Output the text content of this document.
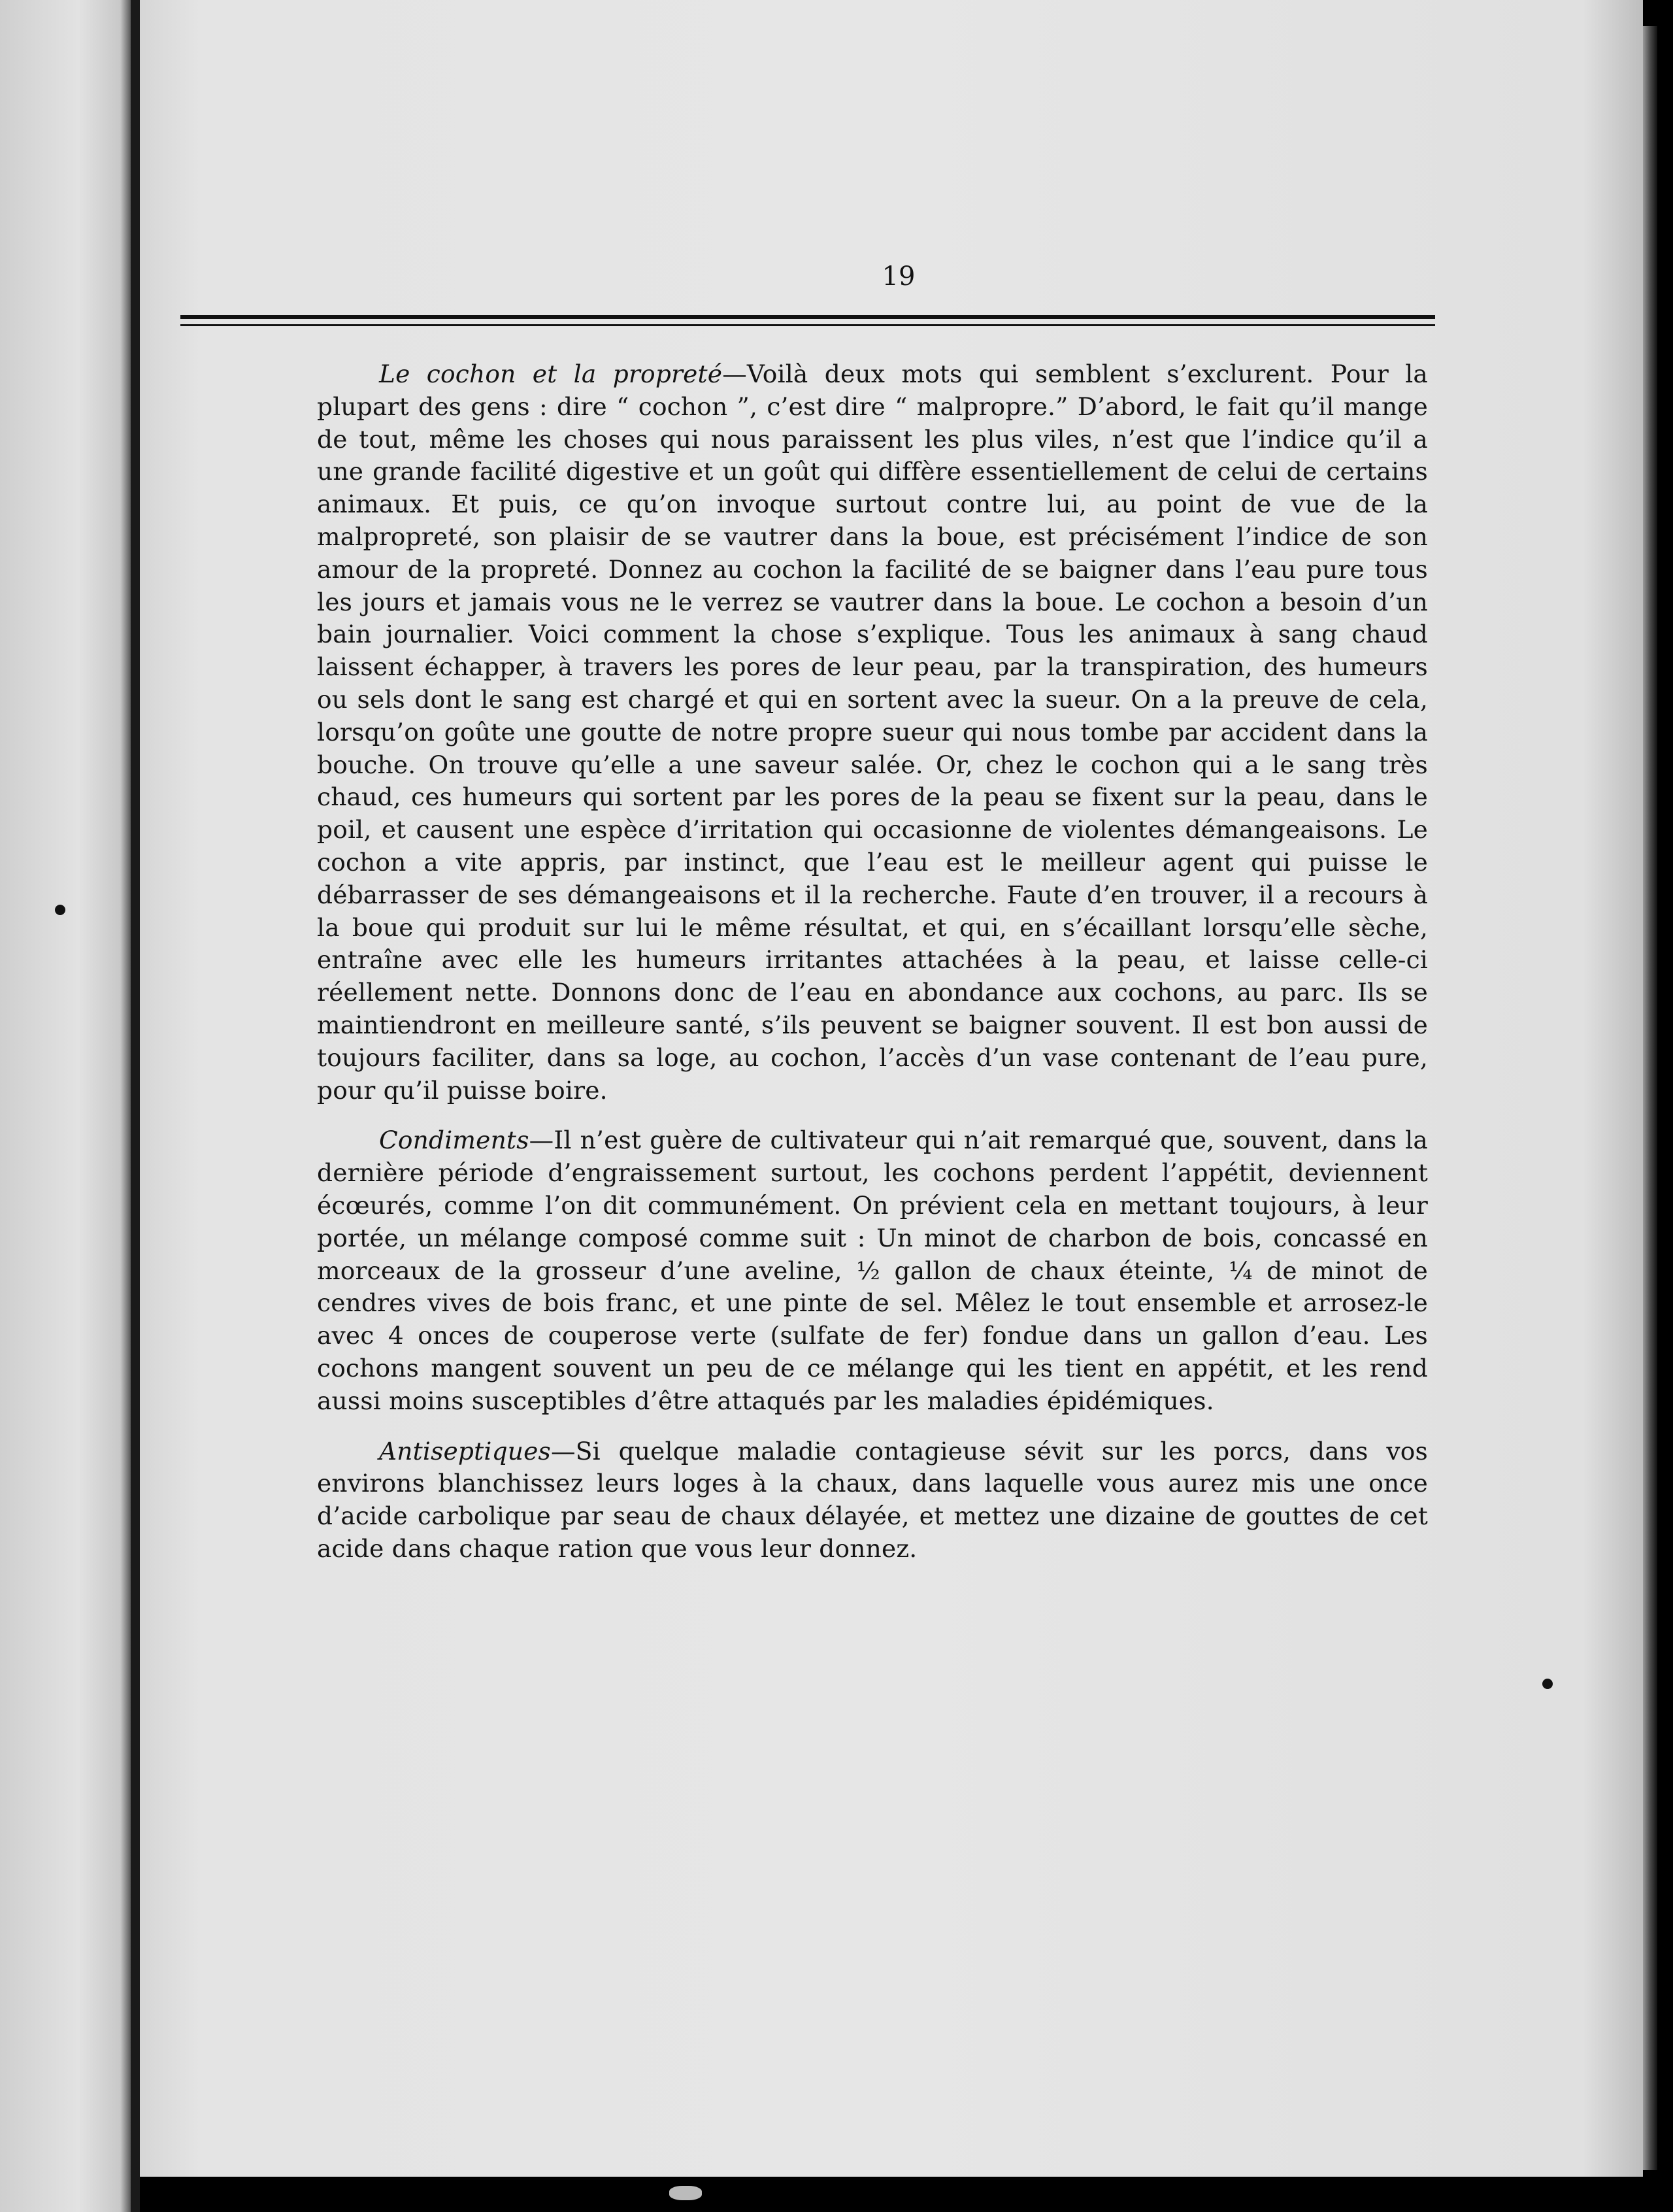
19

Le cochon et la propreté—Voilà deux mots qui semblent s’exclurent. Pour la plupart des gens : dire “ cochon ”, c’est dire “ malpropre.” D’abord, le fait qu’il mange de tout, même les choses qui nous paraissent les plus viles, n’est que l’indice qu’il a une grande facilité digestive et un goût qui diffère essentiellement de celui de certains animaux. Et puis, ce qu’on invoque surtout contre lui, au point de vue de la malpropreté, son plaisir de se vautrer dans la boue, est précisément l’indice de son amour de la propreté. Donnez au cochon la facilité de se baigner dans l’eau pure tous les jours et jamais vous ne le verrez se vautrer dans la boue. Le cochon a besoin d’un bain journalier. Voici comment la chose s’explique. Tous les animaux à sang chaud laissent échapper, à travers les pores de leur peau, par la transpiration, des humeurs ou sels dont le sang est chargé et qui en sortent avec la sueur. On a la preuve de cela, lorsqu’on goûte une goutte de notre propre sueur qui nous tombe par accident dans la bouche. On trouve qu’elle a une saveur salée. Or, chez le cochon qui a le sang très chaud, ces humeurs qui sortent par les pores de la peau se fixent sur la peau, dans le poil, et causent une espèce d’irritation qui occasionne de violentes démangeaisons. Le cochon a vite appris, par instinct, que l’eau est le meilleur agent qui puisse le débarrasser de ses démangeaisons et il la recherche. Faute d’en trouver, il a recours à la boue qui produit sur lui le même résultat, et qui, en s’écaillant lorsqu’elle sèche, entraîne avec elle les humeurs irritantes attachées à la peau, et laisse celle-ci réellement nette. Donnons donc de l’eau en abondance aux cochons, au parc. Ils se maintiendront en meilleure santé, s’ils peuvent se baigner souvent. Il est bon aussi de toujours faciliter, dans sa loge, au cochon, l’accès d’un vase contenant de l’eau pure, pour qu’il puisse boire.

Condiments—Il n’est guère de cultivateur qui n’ait remarqué que, souvent, dans la dernière période d’engraissement surtout, les cochons perdent l’appétit, deviennent écœurés, comme l’on dit communément. On prévient cela en mettant toujours, à leur portée, un mélange composé comme suit : Un minot de charbon de bois, concassé en morceaux de la grosseur d’une aveline, ½ gallon de chaux éteinte, ¼ de minot de cendres vives de bois franc, et une pinte de sel. Mêlez le tout ensemble et arrosez-le avec 4 onces de couperose verte (sulfate de fer) fondue dans un gallon d’eau. Les cochons mangent souvent un peu de ce mélange qui les tient en appétit, et les rend aussi moins susceptibles d’être attaqués par les maladies épidémiques.

Antiseptiques—Si quelque maladie contagieuse sévit sur les porcs, dans vos environs blanchissez leurs loges à la chaux, dans laquelle vous aurez mis une once d’acide carbolique par seau de chaux délayée, et mettez une dizaine de gouttes de cet acide dans chaque ration que vous leur donnez.
